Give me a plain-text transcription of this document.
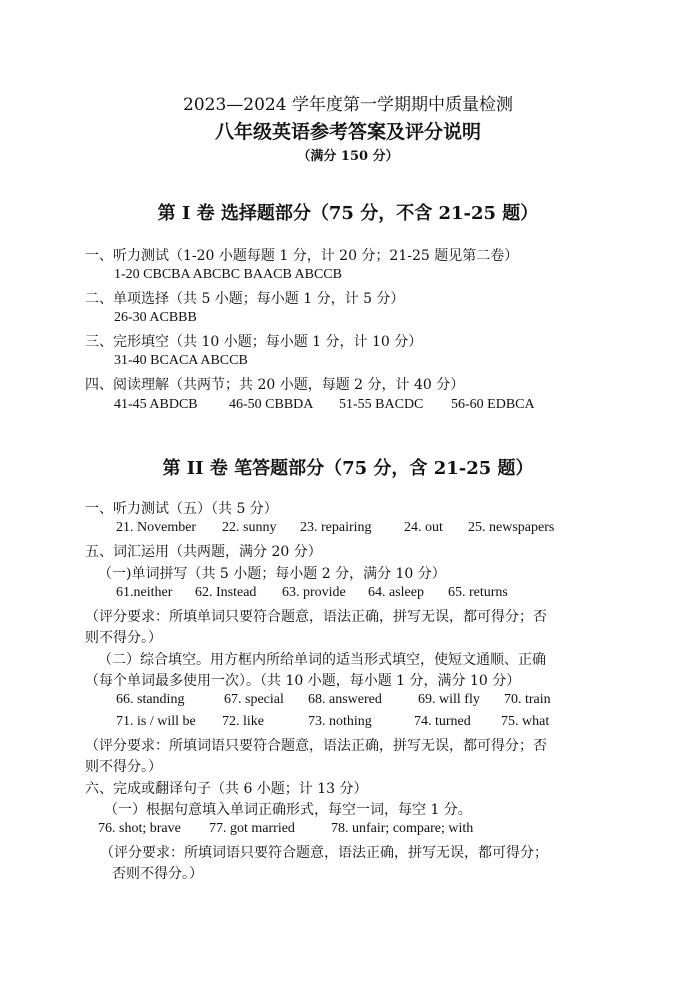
2023—2024 学年度第一学期期中质量检测
八年级英语参考答案及评分说明
（满分 150 分）
第 I 卷 选择题部分（75 分，不含 21-25 题）
一、听力测试（1-20 小题每题 1 分，计 20 分；21-25 题见第二卷）
1-20 CBCBA ABCBC BAACB ABCCB
二、单项选择（共 5 小题；每小题 1 分，计 5 分）
26-30 ACBBB
三、完形填空（共 10 小题；每小题 1 分，计 10 分）
31-40 BCACA ABCCB
四、阅读理解（共两节；共 20 小题，每题 2 分，计 40 分）
41-45 ABDCB 46-50 CBBDA 51-55 BACDC 56-60 EDBCA
第 II 卷 笔答题部分（75 分，含 21-25 题）
一、听力测试（五）（共 5 分）
21. November 22. sunny 23. repairing 24. out 25. newspapers
五、词汇运用（共两题，满分 20 分）
（一)单词拼写（共 5 小题；每小题 2 分，满分 10 分）
61.neither 62. Instead 63. provide 64. asleep 65. returns
（评分要求：所填单词只要符合题意，语法正确，拼写无误，都可得分；否
则不得分。）
（二）综合填空。用方框内所给单词的适当形式填空，使短文通顺、正确
（每个单词最多使用一次）。（共 10 小题，每小题 1 分，满分 10 分）
66. standing	67. special 68. answered	69. will fly 70. train
71. is / will be 72. like	73. nothing	74. turned 75. what
（评分要求：所填词语只要符合题意，语法正确，拼写无误，都可得分；否
则不得分。）
六、完成或翻译句子（共 6 小题；计 13 分）
（一）根据句意填入单词正确形式，每空一词，每空 1 分。
76. shot; brave 77. got married	78. unfair; compare; with
（评分要求：所填词语只要符合题意，语法正确，拼写无误，都可得分；
否则不得分。）
